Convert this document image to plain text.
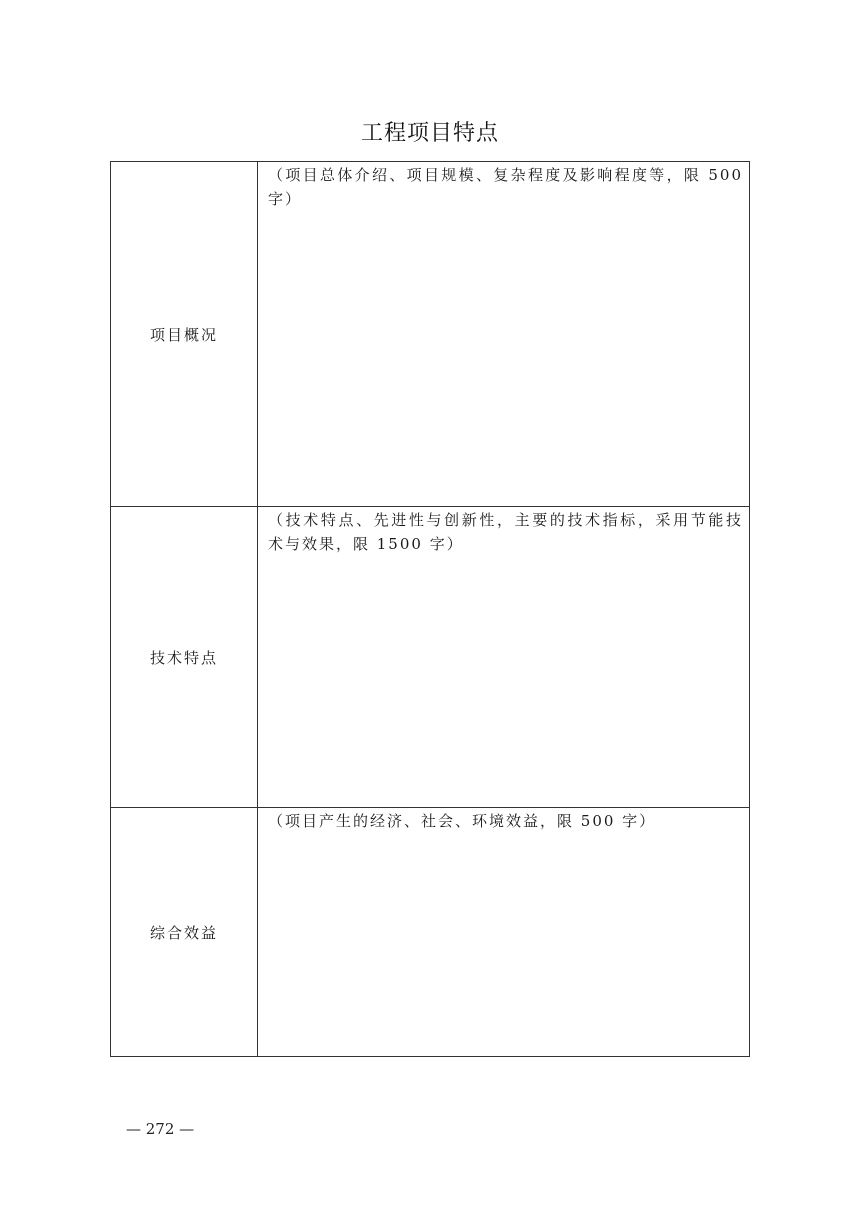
工程项目特点
项目概况	（项目总体介绍、项目规模、复杂程度及影响程度等，限 500 字）
技术特点	（技术特点、先进性与创新性，主要的技术指标，采用节能技术与效果，限 1500 字）
综合效益	（项目产生的经济、社会、环境效益，限 500 字）
— 272 —
